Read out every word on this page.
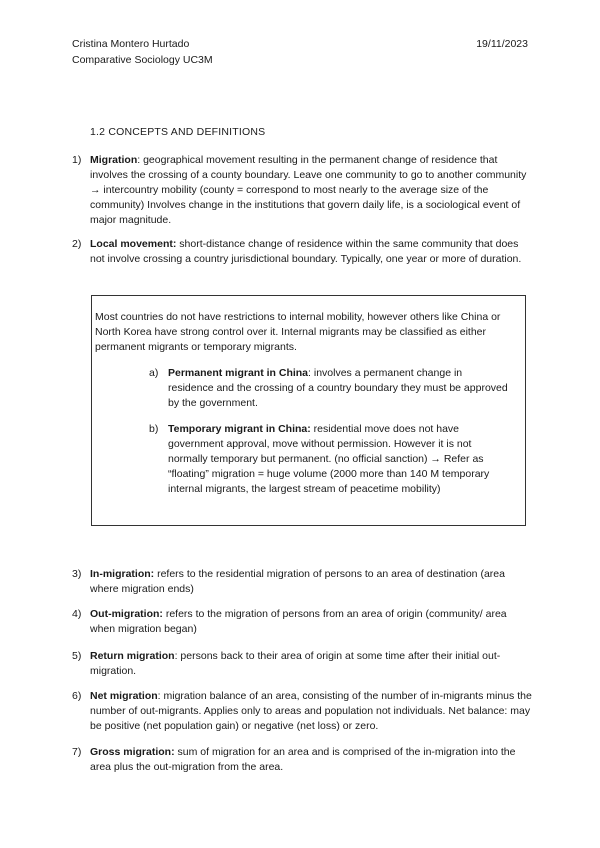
Cristina Montero Hurtado
Comparative Sociology UC3M
19/11/2023
1.2 CONCEPTS AND DEFINITIONS
1) Migration: geographical movement resulting in the permanent change of residence that involves the crossing of a county boundary. Leave one community to go to another community → intercountry mobility (county = correspond to most nearly to the average size of the community) Involves change in the institutions that govern daily life, is a sociological event of major magnitude.
2) Local movement: short-distance change of residence within the same community that does not involve crossing a country jurisdictional boundary. Typically, one year or more of duration.
Most countries do not have restrictions to internal mobility, however others like China or North Korea have strong control over it. Internal migrants may be classified as either permanent migrants or temporary migrants.
a) Permanent migrant in China: involves a permanent change in residence and the crossing of a country boundary they must be approved by the government.
b) Temporary migrant in China: residential move does not have government approval, move without permission. However it is not normally temporary but permanent. (no official sanction) → Refer as “floating” migration = huge volume (2000 more than 140 M temporary internal migrants, the largest stream of peacetime mobility)
3) In-migration: refers to the residential migration of persons to an area of destination (area where migration ends)
4) Out-migration: refers to the migration of persons from an area of origin (community/ area when migration began)
5) Return migration: persons back to their area of origin at some time after their initial out-migration.
6) Net migration: migration balance of an area, consisting of the number of in-migrants minus the number of out-migrants. Applies only to areas and population not individuals. Net balance: may be positive (net population gain) or negative (net loss) or zero.
7) Gross migration: sum of migration for an area and is comprised of the in-migration into the area plus the out-migration from the area.
